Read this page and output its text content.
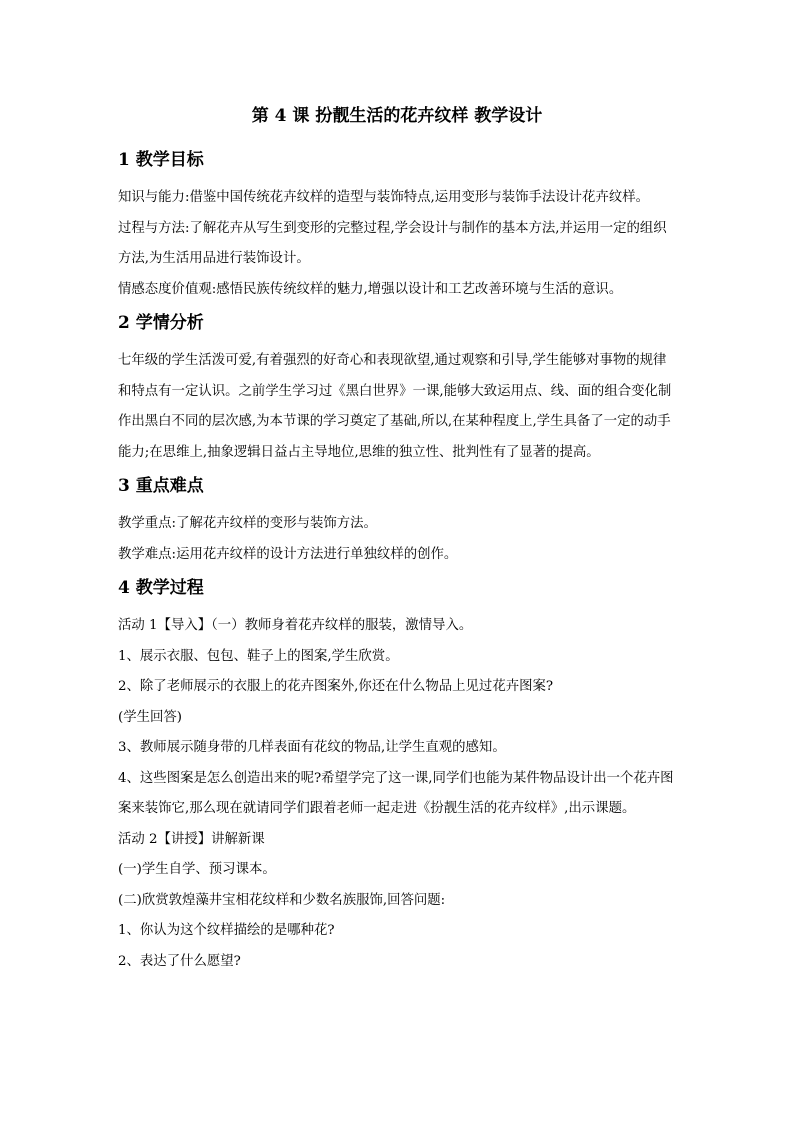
第 4 课 扮靓生活的花卉纹样 教学设计
1 教学目标

知识与能力:借鉴中国传统花卉纹样的造型与装饰特点,运用变形与装饰手法设计花卉纹样。

过程与方法:了解花卉从写生到变形的完整过程,学会设计与制作的基本方法,并运用一定的组织方法,为生活用品进行装饰设计。

情感态度价值观:感悟民族传统纹样的魅力,增强以设计和工艺改善环境与生活的意识。

2 学情分析

七年级的学生活泼可爱,有着强烈的好奇心和表现欲望,通过观察和引导,学生能够对事物的规律和特点有一定认识。之前学生学习过《黑白世界》一课,能够大致运用点、线、面的组合变化制作出黑白不同的层次感,为本节课的学习奠定了基础,所以,在某种程度上,学生具备了一定的动手能力;在思维上,抽象逻辑日益占主导地位,思维的独立性、批判性有了显著的提高。

3 重点难点

教学重点:了解花卉纹样的变形与装饰方法。

教学难点:运用花卉纹样的设计方法进行单独纹样的创作。

4 教学过程

活动 1【导入】（一）教师身着花卉纹样的服装，激情导入。

1、展示衣服、包包、鞋子上的图案,学生欣赏。

2、除了老师展示的衣服上的花卉图案外,你还在什么物品上见过花卉图案?

(学生回答)

3、教师展示随身带的几样表面有花纹的物品,让学生直观的感知。

4、这些图案是怎么创造出来的呢?希望学完了这一课,同学们也能为某件物品设计出一个花卉图案来装饰它,那么现在就请同学们跟着老师一起走进《扮靓生活的花卉纹样》,出示课题。

活动 2【讲授】讲解新课

(一)学生自学、预习课本。

(二)欣赏敦煌藻井宝相花纹样和少数名族服饰,回答问题:

1、你认为这个纹样描绘的是哪种花?

2、表达了什么愿望?
